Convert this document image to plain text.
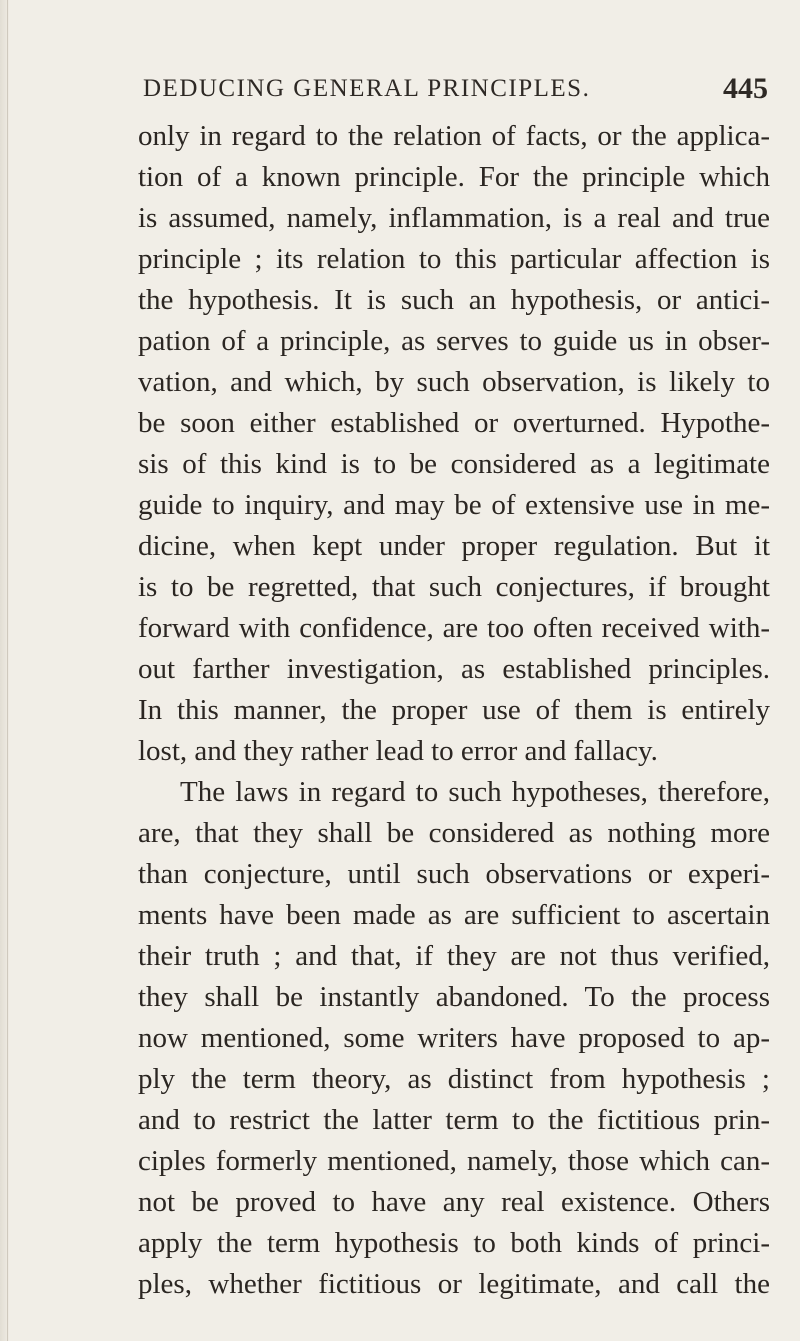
DEDUCING GENERAL PRINCIPLES.	445
only in regard to the relation of facts, or the applica-
tion of a known principle. For the principle which
is assumed, namely, inflammation, is a real and true
principle ; its relation to this particular affection is
the hypothesis. It is such an hypothesis, or antici-
pation of a principle, as serves to guide us in obser-
vation, and which, by such observation, is likely to
be soon either established or overturned. Hypothe-
sis of this kind is to be considered as a legitimate
guide to inquiry, and may be of extensive use in me-
dicine, when kept under proper regulation. But it
is to be regretted, that such conjectures, if brought
forward with confidence, are too often received with-
out farther investigation, as established principles.
In this manner, the proper use of them is entirely
lost, and they rather lead to error and fallacy.
The laws in regard to such hypotheses, therefore,
are, that they shall be considered as nothing more
than conjecture, until such observations or experi-
ments have been made as are sufficient to ascertain
their truth ; and that, if they are not thus verified,
they shall be instantly abandoned. To the process
now mentioned, some writers have proposed to ap-
ply the term theory, as distinct from hypothesis ;
and to restrict the latter term to the fictitious prin-
ciples formerly mentioned, namely, those which can-
not be proved to have any real existence. Others
apply the term hypothesis to both kinds of princi-
ples, whether fictitious or legitimate, and call the
